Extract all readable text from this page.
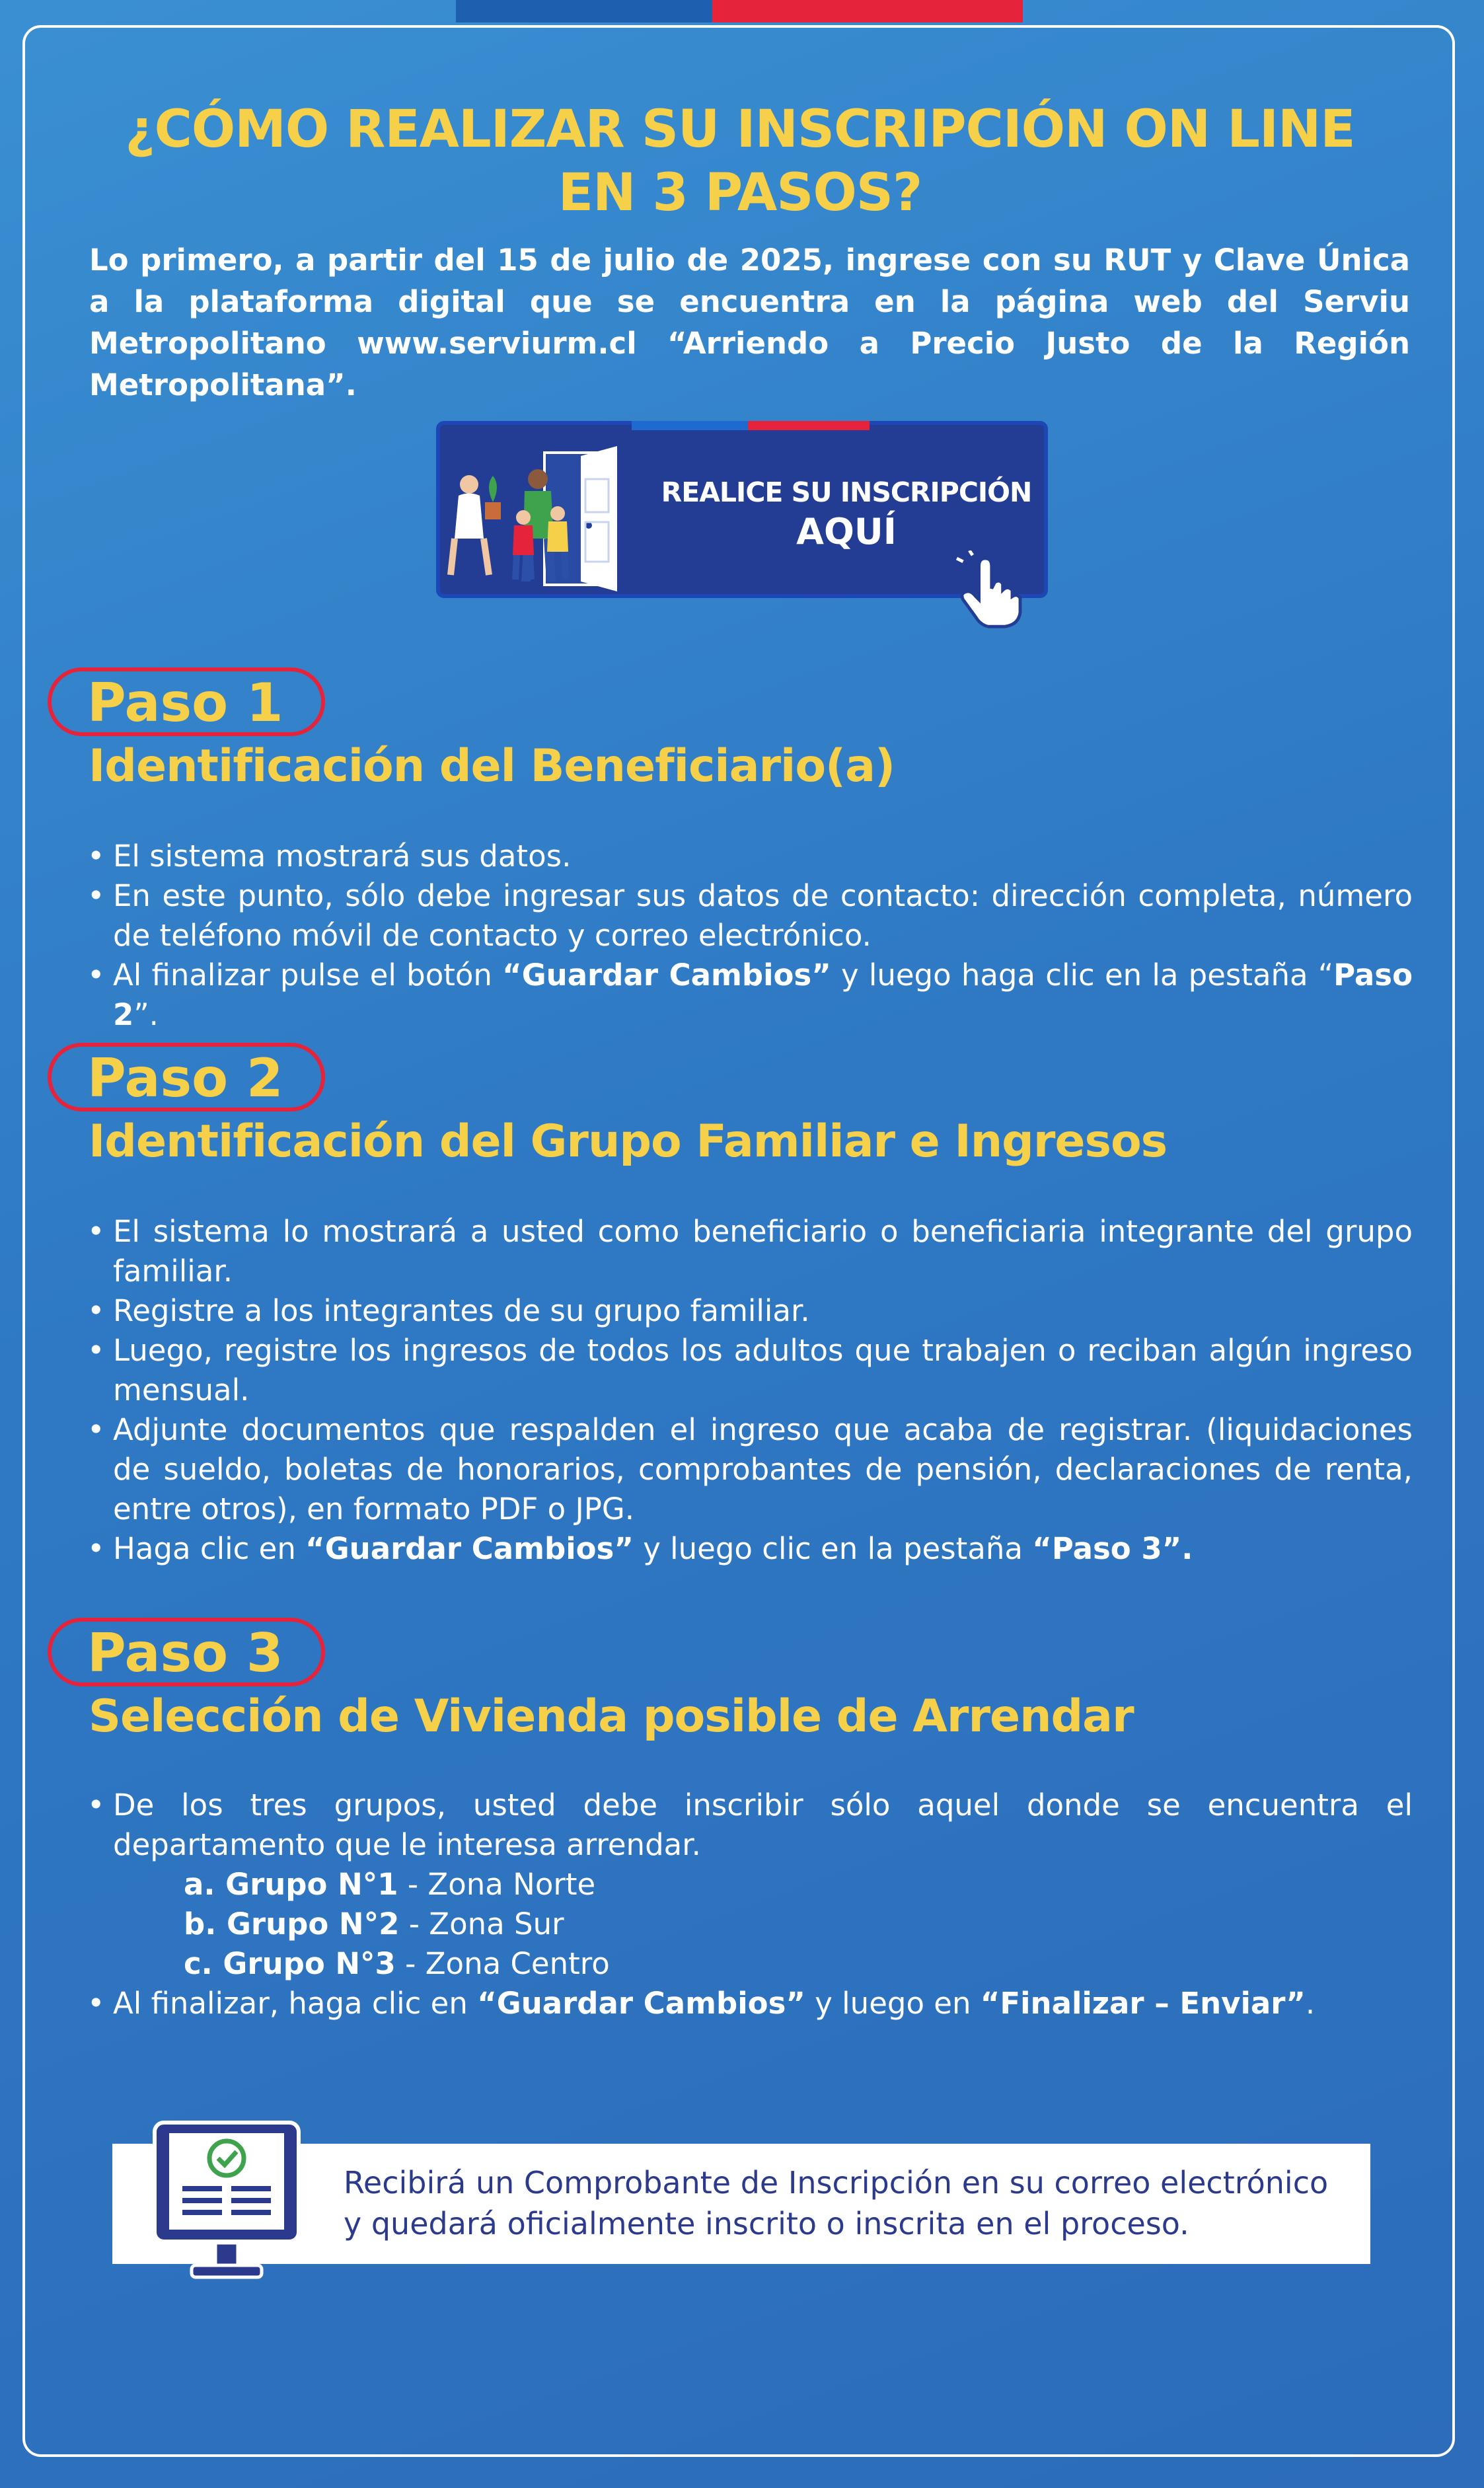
¿CÓMO REALIZAR SU INSCRIPCIÓN ON LINE
EN 3 PASOS?
Lo primero, a partir del 15 de julio de 2025, ingrese con su RUT y Clave Única a la plataforma digital que se encuentra en la página web del Serviu Metropolitano www.serviurm.cl “Arriendo a Precio Justo de la Región Metropolitana”.
REALICE SU INSCRIPCIÓN
AQUÍ
Paso 1
Identificación del Beneficiario(a)
• El sistema mostrará sus datos.
• En este punto, sólo debe ingresar sus datos de contacto: dirección completa, número de teléfono móvil de contacto y correo electrónico.
• Al finalizar pulse el botón “Guardar Cambios” y luego haga clic en la pestaña “Paso 2”.
Paso 2
Identificación del Grupo Familiar e Ingresos
• El sistema lo mostrará a usted como beneficiario o beneficiaria integrante del grupo familiar.
• Registre a los integrantes de su grupo familiar.
• Luego, registre los ingresos de todos los adultos que trabajen o reciban algún ingreso mensual.
• Adjunte documentos que respalden el ingreso que acaba de registrar. (liquidaciones de sueldo, boletas de honorarios, comprobantes de pensión, declaraciones de renta, entre otros), en formato PDF o JPG.
• Haga clic en “Guardar Cambios” y luego clic en la pestaña “Paso 3”.
Paso 3
Selección de Vivienda posible de Arrendar
• De los tres grupos, usted debe inscribir sólo aquel donde se encuentra el departamento que le interesa arrendar.
a. Grupo N°1 - Zona Norte
b. Grupo N°2 - Zona Sur
c. Grupo N°3 - Zona Centro
• Al finalizar, haga clic en “Guardar Cambios” y luego en “Finalizar – Enviar”.
Recibirá un Comprobante de Inscripción en su correo electrónico
y quedará oficialmente inscrito o inscrita en el proceso.
